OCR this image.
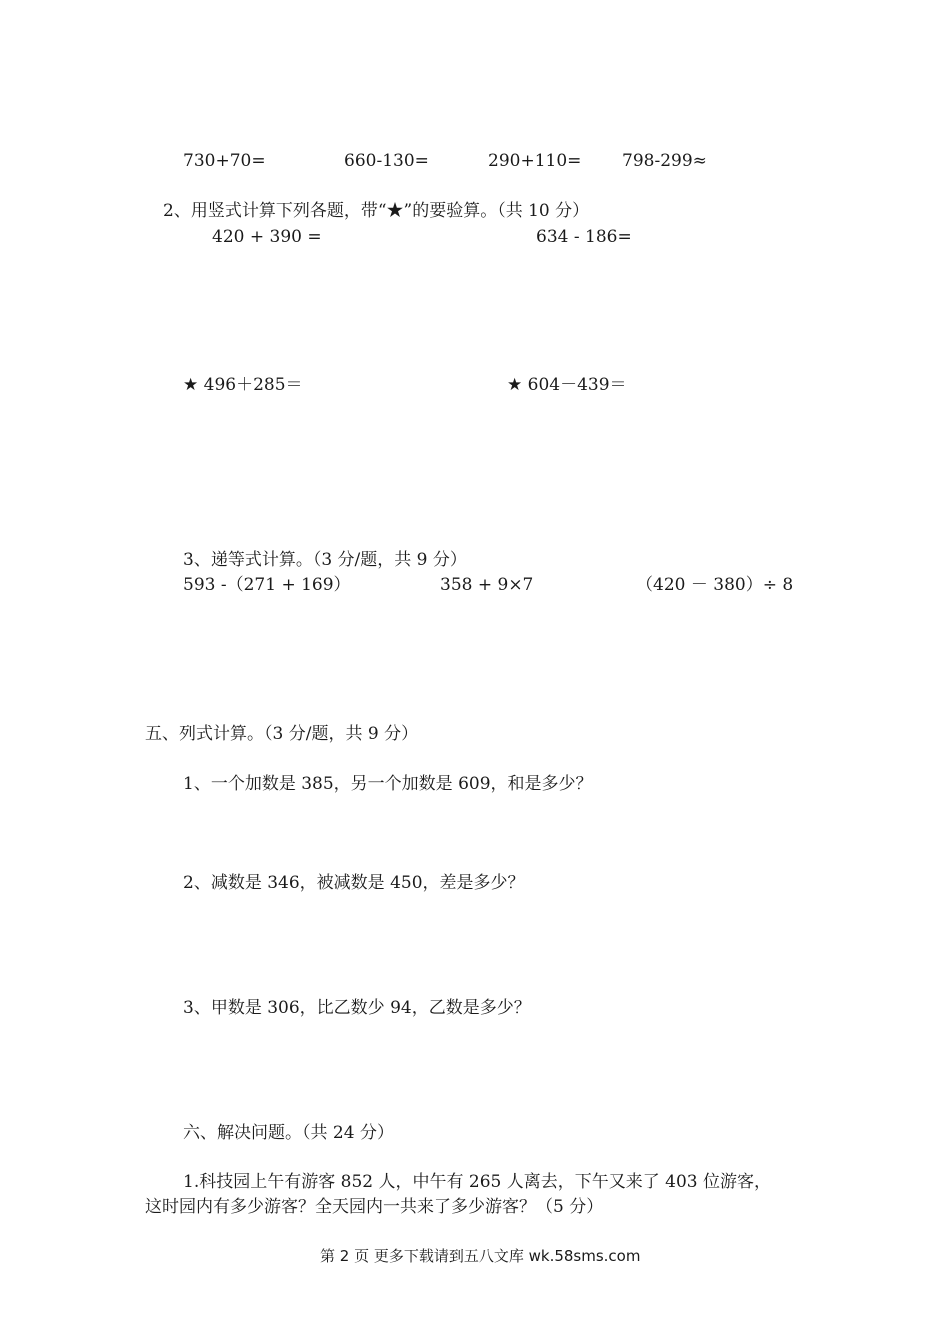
730+70=	660-130=	290+110= 798-299≈
2、用竖式计算下列各题，带“★”的要验算。（共 10 分）
420 + 390 =	634 - 186=
★ 496＋285＝	★ 604－439＝
3、递等式计算。（3 分/题，共 9 分）
593 -（271 + 169）	358 + 9×7	（420 － 380）÷ 8
五、列式计算。（3 分/题，共 9 分）
1、一个加数是 385，另一个加数是 609，和是多少？
2、减数是 346，被减数是 450，差是多少？
3、甲数是 306，比乙数少 94，乙数是多少？
六、解决问题。（共 24 分）
1.科技园上午有游客 852 人，中午有 265 人离去，下午又来了 403 位游客，
这时园内有多少游客？全天园内一共来了多少游客？（5 分）
第 2 页 更多下载请到五八文库 wk.58sms.com
